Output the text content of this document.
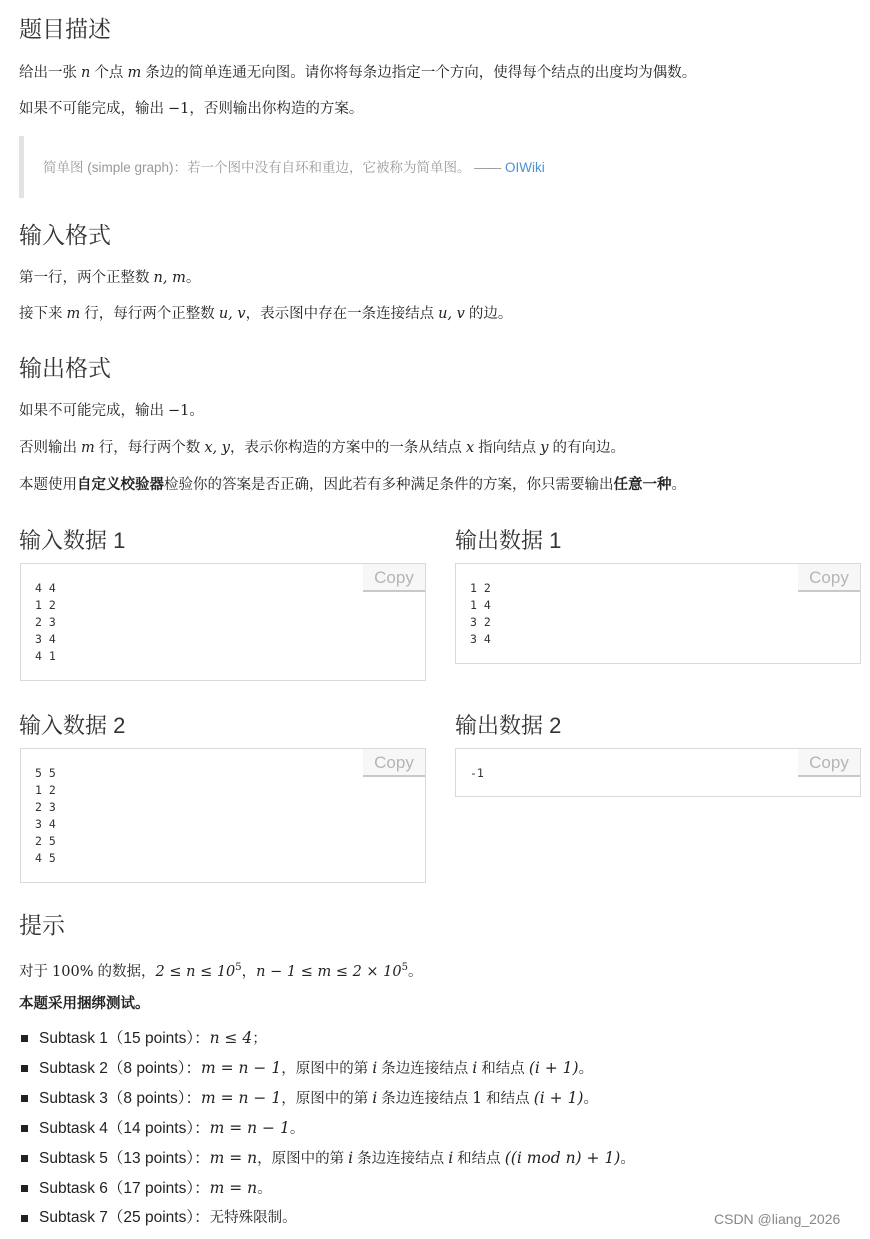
题目描述

给出一张 n 个点 m 条边的简单连通无向图。请你将每条边指定一个方向，使得每个结点的出度均为偶数。

如果不可能完成，输出 −1，否则输出你构造的方案。

简单图 (simple graph)：若一个图中没有自环和重边，它被称为简单图。 —— OIWiki
输入格式

第一行，两个正整数 n, m。

接下来 m 行，每行两个正整数 u, v，表示图中存在一条连接结点 u, v 的边。

输出格式

如果不可能完成，输出 −1。

否则输出 m 行，每行两个数 x, y，表示你构造的方案中的一条从结点 x 指向结点 y 的有向边。

本题使用自定义校验器检验你的答案是否正确，因此若有多种满足条件的方案，你只需要输出任意一种。

输入数据 1
4 4
1 2
2 3
3 4
4 1
Copy
输出数据 1
1 2
1 4
3 2
3 4
Copy
输入数据 2
5 5
1 2
2 3
3 4
2 5
4 5
Copy
输出数据 2
-1
Copy
提示

对于 100% 的数据，$2 \le n \le 10^5$，$n - 1 \le m \le 2 \times 10^5$。

本题采用捆绑测试。

Subtask 1（15 points）：n ≤ 4；
Subtask 2（8 points）：m = n − 1，原图中的第 i 条边连接结点 i 和结点 (i + 1)。
Subtask 3（8 points）：m = n − 1，原图中的第 i 条边连接结点 1 和结点 (i + 1)。
Subtask 4（14 points）：m = n − 1。
Subtask 5（13 points）：m = n，原图中的第 i 条边连接结点 i 和结点 ((i mod n) + 1)。
Subtask 6（17 points）：m = n。
Subtask 7（25 points）：无特殊限制。	CSDN @liang_2026
